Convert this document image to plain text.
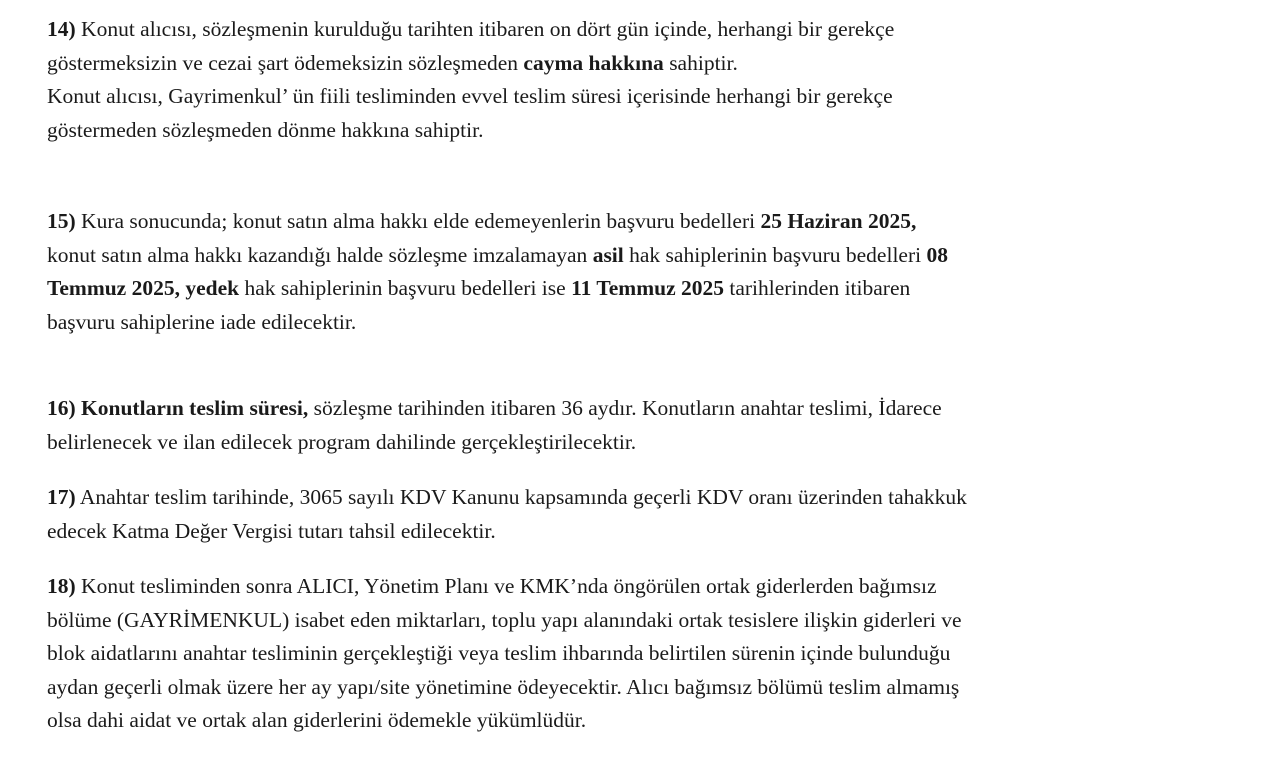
14) Konut alıcısı, sözleşmenin kurulduğu tarihten itibaren on dört gün içinde, herhangi bir gerekçe
göstermeksizin ve cezai şart ödemeksizin sözleşmeden cayma hakkına sahiptir.
Konut alıcısı, Gayrimenkul’ ün fiili tesliminden evvel teslim süresi içerisinde herhangi bir gerekçe
göstermeden sözleşmeden dönme hakkına sahiptir.
15) Kura sonucunda; konut satın alma hakkı elde edemeyenlerin başvuru bedelleri 25 Haziran 2025,
konut satın alma hakkı kazandığı halde sözleşme imzalamayan asil hak sahiplerinin başvuru bedelleri 08
Temmuz 2025, yedek hak sahiplerinin başvuru bedelleri ise 11 Temmuz 2025 tarihlerinden itibaren
başvuru sahiplerine iade edilecektir.
16) Konutların teslim süresi, sözleşme tarihinden itibaren 36 aydır. Konutların anahtar teslimi, İdarece
belirlenecek ve ilan edilecek program dahilinde gerçekleştirilecektir.
17) Anahtar teslim tarihinde, 3065 sayılı KDV Kanunu kapsamında geçerli KDV oranı üzerinden tahakkuk
edecek Katma Değer Vergisi tutarı tahsil edilecektir.
18) Konut tesliminden sonra ALICI, Yönetim Planı ve KMK’nda öngörülen ortak giderlerden bağımsız
bölüme (GAYRİMENKUL) isabet eden miktarları, toplu yapı alanındaki ortak tesislere ilişkin giderleri ve
blok aidatlarını anahtar tesliminin gerçekleştiği veya teslim ihbarında belirtilen sürenin içinde bulunduğu
aydan geçerli olmak üzere her ay yapı/site yönetimine ödeyecektir. Alıcı bağımsız bölümü teslim almamış
olsa dahi aidat ve ortak alan giderlerini ödemekle yükümlüdür.
